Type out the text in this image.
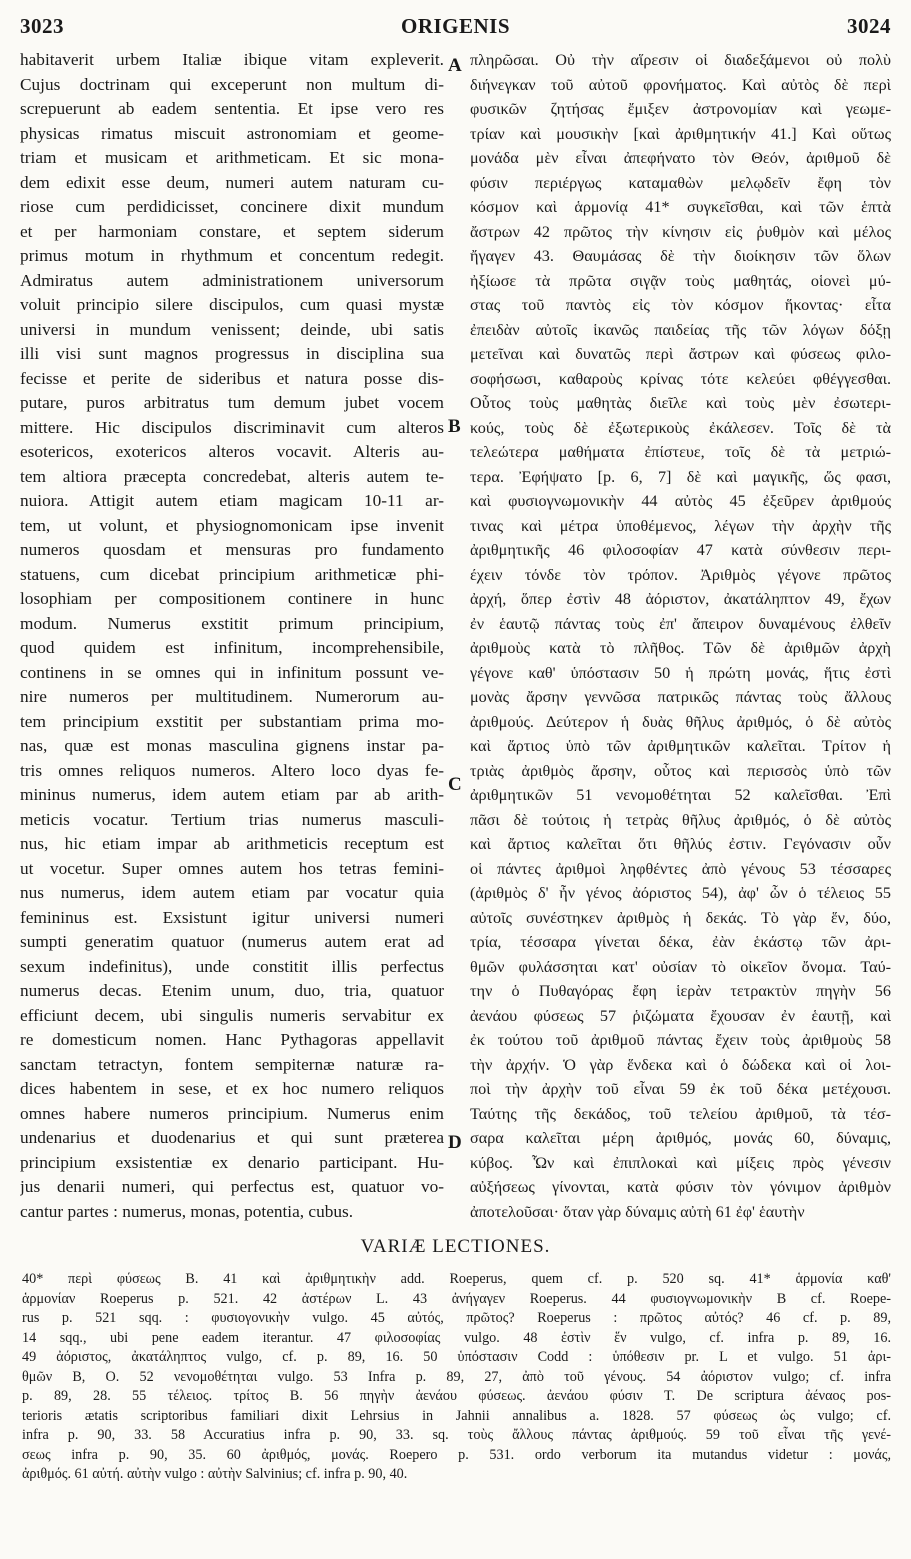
3023	ORIGENIS	3024
habitaverit urbem Italiæ ibique vitam expleverit.
Cujus doctrinam qui exceperunt non multum di-
screpuerunt ab eadem sententia. Et ipse vero res
physicas rimatus miscuit astronomiam et geome-
triam et musicam et arithmeticam. Et sic mona-
dem edixit esse deum, numeri autem naturam cu-
riose cum perdidicisset, concinere dixit mundum
et per harmoniam constare, et septem siderum
primus motum in rhythmum et concentum redegit.
Admiratus autem administrationem universorum
voluit principio silere discipulos, cum quasi mystæ
universi in mundum venissent; deinde, ubi satis
illi visi sunt magnos progressus in disciplina sua
fecisse et perite de sideribus et natura posse dis-
putare, puros arbitratus tum demum jubet vocem
mittere. Hic discipulos discriminavit cum alteros
esotericos, exotericos alteros vocavit. Alteris au-
tem altiora præcepta concredebat, alteris autem te-
nuiora. Attigit autem etiam magicam 10-11 ar-
tem, ut volunt, et physiognomonicam ipse invenit
numeros quosdam et mensuras pro fundamento
statuens, cum dicebat principium arithmeticæ phi-
losophiam per compositionem continere in hunc
modum. Numerus exstitit primum principium,
quod quidem est infinitum, incomprehensibile,
continens in se omnes qui in infinitum possunt ve-
nire numeros per multitudinem. Numerorum au-
tem principium exstitit per substantiam prima mo-
nas, quæ est monas masculina gignens instar pa-
tris omnes reliquos numeros. Altero loco dyas fe-
mininus numerus, idem autem etiam par ab arith-
meticis vocatur. Tertium trias numerus masculi-
nus, hic etiam impar ab arithmeticis receptum est
ut vocetur. Super omnes autem hos tetras femini-
nus numerus, idem autem etiam par vocatur quia
femininus est. Exsistunt igitur universi numeri
sumpti generatim quatuor (numerus autem erat ad
sexum indefinitus), unde constitit illis perfectus
numerus decas. Etenim unum, duo, tria, quatuor
efficiunt decem, ubi singulis numeris servabitur ex
re domesticum nomen. Hanc Pythagoras appellavit
sanctam tetractyn, fontem sempiternæ naturæ ra-
dices habentem in sese, et ex hoc numero reliquos
omnes habere numeros principium. Numerus enim
undenarius et duodenarius et qui sunt præterea
principium exsistentiæ ex denario participant. Hu-
jus denarii numeri, qui perfectus est, quatuor vo-
cantur partes : numerus, monas, potentia, cubus.
πληρῶσαι. Οὐ τὴν αἵρεσιν οἱ διαδεξάμενοι οὐ πολὺ
διήνεγκαν τοῦ αὐτοῦ φρονήματος. Καὶ αὐτὸς δὲ περὶ
φυσικῶν ζητήσας ἔμιξεν ἀστρονομίαν καὶ γεωμε-
τρίαν καὶ μουσικὴν [καὶ ἀριθμητικήν 41.] Καὶ οὕτως
μονάδα μὲν εἶναι ἀπεφήνατο τὸν Θεόν, ἀριθμοῦ δὲ
φύσιν περιέργως καταμαθὼν μελῳδεῖν ἔφη τὸν
κόσμον καὶ ἁρμονίᾳ 41* συγκεῖσθαι, καὶ τῶν ἑπτὰ
ἄστρων 42 πρῶτος τὴν κίνησιν εἰς ῥυθμὸν καὶ μέλος
ἤγαγεν 43. Θαυμάσας δὲ τὴν διοίκησιν τῶν ὅλων
ἠξίωσε τὰ πρῶτα σιγᾷν τοὺς μαθητάς, οἱονεὶ μύ-
στας τοῦ παντὸς εἰς τὸν κόσμον ἥκοντας· εἶτα
ἐπειδὰν αὐτοῖς ἱκανῶς παιδείας τῆς τῶν λόγων δόξῃ
μετεῖναι καὶ δυνατῶς περὶ ἄστρων καὶ φύσεως φιλο-
σοφήσωσι, καθαροὺς κρίνας τότε κελεύει φθέγγεσθαι.
Οὗτος τοὺς μαθητὰς διεῖλε καὶ τοὺς μὲν ἐσωτερι-
κούς, τοὺς δὲ ἐξωτερικοὺς ἐκάλεσεν. Τοῖς δὲ τὰ
τελεώτερα μαθήματα ἐπίστευε, τοῖς δὲ τὰ μετριώ-
τερα. Ἐφήψατο [p. 6, 7] δὲ καὶ μαγικῆς, ὥς φασι,
καὶ φυσιογνωμονικὴν 44 αὐτὸς 45 ἐξεῦρεν ἀριθμούς
τινας καὶ μέτρα ὑποθέμενος, λέγων τὴν ἀρχὴν τῆς
ἀριθμητικῆς 46 φιλοσοφίαν 47 κατὰ σύνθεσιν περι-
έχειν τόνδε τὸν τρόπον. Ἀριθμὸς γέγονε πρῶτος
ἀρχή, ὅπερ ἐστὶν 48 ἀόριστον, ἀκατάληπτον 49, ἔχων
ἐν ἑαυτῷ πάντας τοὺς ἐπ' ἄπειρον δυναμένους ἐλθεῖν
ἀριθμοὺς κατὰ τὸ πλῆθος. Τῶν δὲ ἀριθμῶν ἀρχὴ
γέγονε καθ' ὑπόστασιν 50 ἡ πρώτη μονάς, ἥτις ἐστὶ
μονὰς ἄρσην γεννῶσα πατρικῶς πάντας τοὺς ἄλλους
ἀριθμούς. Δεύτερον ἡ δυὰς θῆλυς ἀριθμός, ὁ δὲ αὐτὸς
καὶ ἄρτιος ὑπὸ τῶν ἀριθμητικῶν καλεῖται. Τρίτον ἡ
τριὰς ἀριθμὸς ἄρσην, οὗτος καὶ περισσὸς ὑπὸ τῶν
ἀριθμητικῶν 51 νενομοθέτηται 52 καλεῖσθαι. Ἐπὶ
πᾶσι δὲ τούτοις ἡ τετρὰς θῆλυς ἀριθμός, ὁ δὲ αὐτὸς
καὶ ἄρτιος καλεῖται ὅτι θῆλύς ἐστιν. Γεγόνασιν οὖν
οἱ πάντες ἀριθμοὶ ληφθέντες ἀπὸ γένους 53 τέσσαρες
(ἀριθμὸς δ' ἦν γένος ἀόριστος 54), ἀφ' ὧν ὁ τέλειος 55
αὐτοῖς συνέστηκεν ἀριθμὸς ἡ δεκάς. Τὸ γὰρ ἕν, δύο,
τρία, τέσσαρα γίνεται δέκα, ἐὰν ἑκάστῳ τῶν ἀρι-
θμῶν φυλάσσηται κατ' οὐσίαν τὸ οἰκεῖον ὄνομα. Ταύ-
την ὁ Πυθαγόρας ἔφη ἱερὰν τετρακτὺν πηγὴν 56
ἀενάου φύσεως 57 ῥιζώματα ἔχουσαν ἐν ἑαυτῇ, καὶ
ἐκ τούτου τοῦ ἀριθμοῦ πάντας ἔχειν τοὺς ἀριθμοὺς 58
τὴν ἀρχήν. Ὁ γὰρ ἕνδεκα καὶ ὁ δώδεκα καὶ οἱ λοι-
ποὶ τὴν ἀρχὴν τοῦ εἶναι 59 ἐκ τοῦ δέκα μετέχουσι.
Ταύτης τῆς δεκάδος, τοῦ τελείου ἀριθμοῦ, τὰ τέσ-
σαρα καλεῖται μέρη ἀριθμός, μονάς 60, δύναμις,
κύβος. Ὧν καὶ ἐπιπλοκαὶ καὶ μίξεις πρὸς γένεσιν
αὐξήσεως γίνονται, κατὰ φύσιν τὸν γόνιμον ἀριθμὸν
ἀποτελοῦσαι· ὅταν γὰρ δύναμις αὐτὴ 61 ἐφ' ἑαυτὴν
A
B
C
D
VARIÆ LECTIONES.
40* περὶ φύσεως B. 41 καὶ ἀριθμητικὴν add. Roeperus, quem cf. p. 520 sq. 41* ἁρμονία καθ'
ἁρμονίαν Roeperus p. 521. 42 ἀστέρων L. 43 ἀνήγαγεν Roeperus. 44 φυσιογνωμονικὴν B cf. Roepe-
rus p. 521 sqq. : φυσιογονικὴν vulgo. 45 αὐτός, πρῶτος? Roeperus : πρῶτος αὐτός? 46 cf. p. 89,
14 sqq., ubi pene eadem iterantur. 47 φιλοσοφίας vulgo. 48 ἐστὶν ἕν vulgo, cf. infra p. 89, 16.
49 ἀόριστος, ἀκατάληπτος vulgo, cf. p. 89, 16. 50 ὑπόστασιν Codd : ὑπόθεσιν pr. L et vulgo. 51 ἀρι-
θμῶν B, O. 52 νενομοθέτηται vulgo. 53 Infra p. 89, 27, ἀπὸ τοῦ γένους. 54 ἀόριστον vulgo; cf. infra
p. 89, 28. 55 τέλειος. τρίτος B. 56 πηγὴν ἀενάου φύσεως. ἀενάου φύσιν T. De scriptura ἀέναος pos-
terioris ætatis scriptoribus familiari dixit Lehrsius in Jahnii annalibus a. 1828. 57 φύσεως ὡς vulgo; cf.
infra p. 90, 33. 58 Accuratius infra p. 90, 33. sq. τοὺς ἄλλους πάντας ἀριθμούς. 59 τοῦ εἶναι τῆς γενέ-
σεως infra p. 90, 35. 60 ἀριθμός, μονάς. Roepero p. 531. ordo verborum ita mutandus videtur : μονάς,
ἀριθμός. 61 αὐτή. αὐτὴν vulgo : αὐτὴν Salvinius; cf. infra p. 90, 40.
